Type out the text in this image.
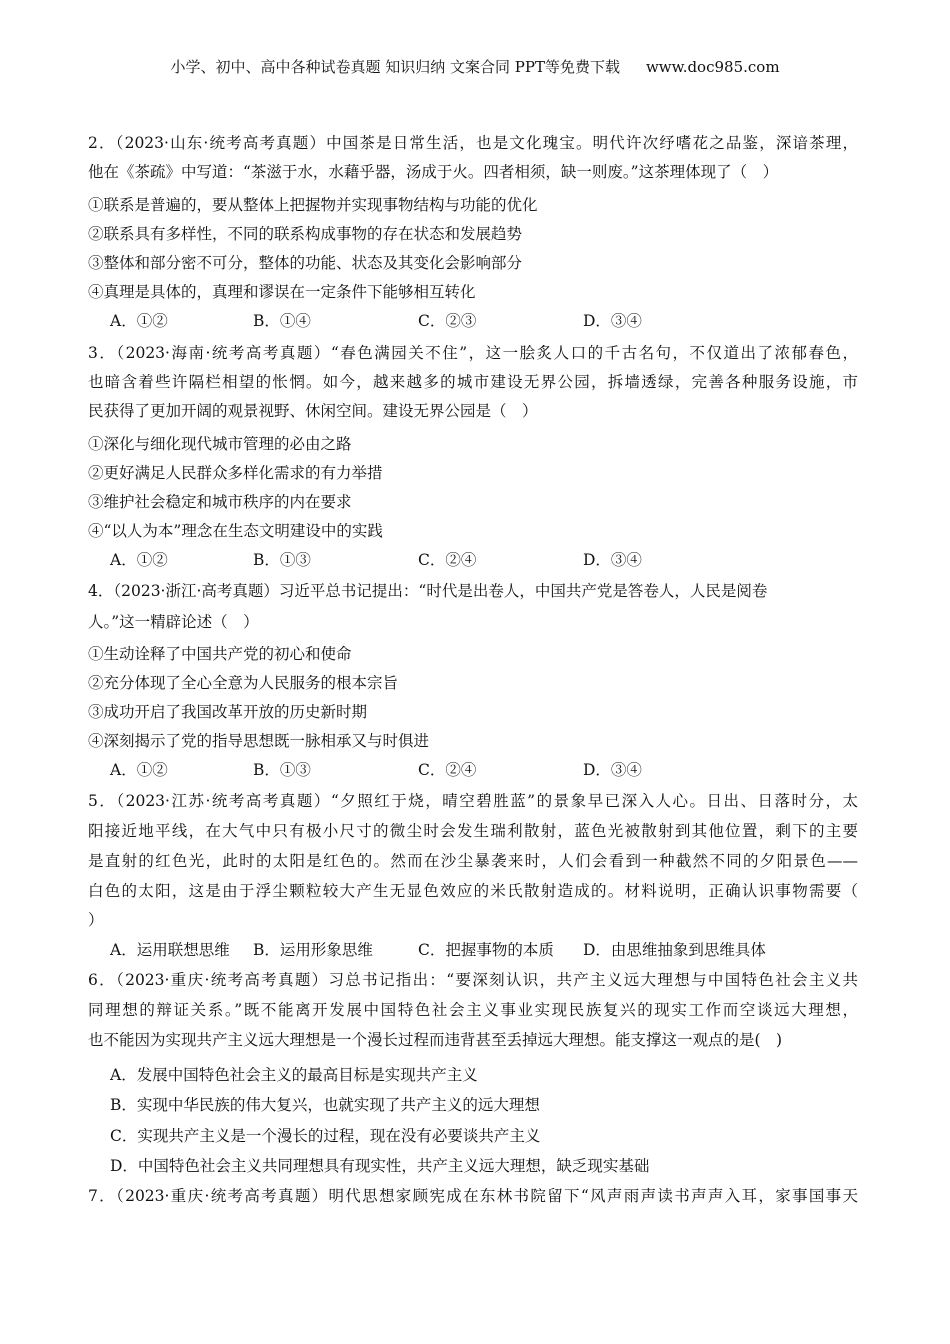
小学、初中、高中各种试卷真题 知识归纳 文案合同 PPT等免费下载 www.doc985.com
2．（2023·山东·统考高考真题）中国茶是日常生活，也是文化瑰宝。明代许次纾嗜花之品鉴，深谙茶理，
他在《茶疏》中写道：“茶滋于水，水藉乎器，汤成于火。四者相须，缺一则废。”这茶理体现了（　）
①联系是普遍的，要从整体上把握物并实现事物结构与功能的优化
②联系具有多样性，不同的联系构成事物的存在状态和发展趋势
③整体和部分密不可分，整体的功能、状态及其变化会影响部分
④真理是具体的，真理和谬误在一定条件下能够相互转化
A．①②	B．①④	C．②③	D．③④
3．（2023·海南·统考高考真题）“春色满园关不住”，这一脍炙人口的千古名句，不仅道出了浓郁春色，
也暗含着些许隔栏相望的怅惘。如今，越来越多的城市建设无界公园，拆墙透绿，完善各种服务设施，市
民获得了更加开阔的观景视野、休闲空间。建设无界公园是（　）
①深化与细化现代城市管理的必由之路
②更好满足人民群众多样化需求的有力举措
③维护社会稳定和城市秩序的内在要求
④“以人为本”理念在生态文明建设中的实践
A．①②	B．①③	C．②④	D．③④
4．（2023·浙江·高考真题）习近平总书记提出：“时代是出卷人，中国共产党是答卷人，人民是阅卷
人。”这一精辟论述（　）
①生动诠释了中国共产党的初心和使命
②充分体现了全心全意为人民服务的根本宗旨
③成功开启了我国改革开放的历史新时期
④深刻揭示了党的指导思想既一脉相承又与时俱进
A．①②	B．①③	C．②④	D．③④
5．（2023·江苏·统考高考真题）“夕照红于烧，晴空碧胜蓝”的景象早已深入人心。日出、日落时分，太
阳接近地平线，在大气中只有极小尺寸的微尘时会发生瑞利散射，蓝色光被散射到其他位置，剩下的主要
是直射的红色光，此时的太阳是红色的。然而在沙尘暴袭来时，人们会看到一种截然不同的夕阳景色——
白色的太阳，这是由于浮尘颗粒较大产生无显色效应的米氏散射造成的。材料说明，正确认识事物需要（
）
A．运用联想思维 B．运用形象思维	C．把握事物的本质 D．由思维抽象到思维具体
6．（2023·重庆·统考高考真题）习总书记指出：“要深刻认识，共产主义远大理想与中国特色社会主义共
同理想的辩证关系。”既不能离开发展中国特色社会主义事业实现民族复兴的现实工作而空谈远大理想，
也不能因为实现共产主义远大理想是一个漫长过程而违背甚至丢掉远大理想。能支撑这一观点的是(　)
A．发展中国特色社会主义的最高目标是实现共产主义
B．实现中华民族的伟大复兴，也就实现了共产主义的远大理想
C．实现共产主义是一个漫长的过程，现在没有必要谈共产主义
D．中国特色社会主义共同理想具有现实性，共产主义远大理想，缺乏现实基础
7．（2023·重庆·统考高考真题）明代思想家顾宪成在东林书院留下“风声雨声读书声声入耳，家事国事天
